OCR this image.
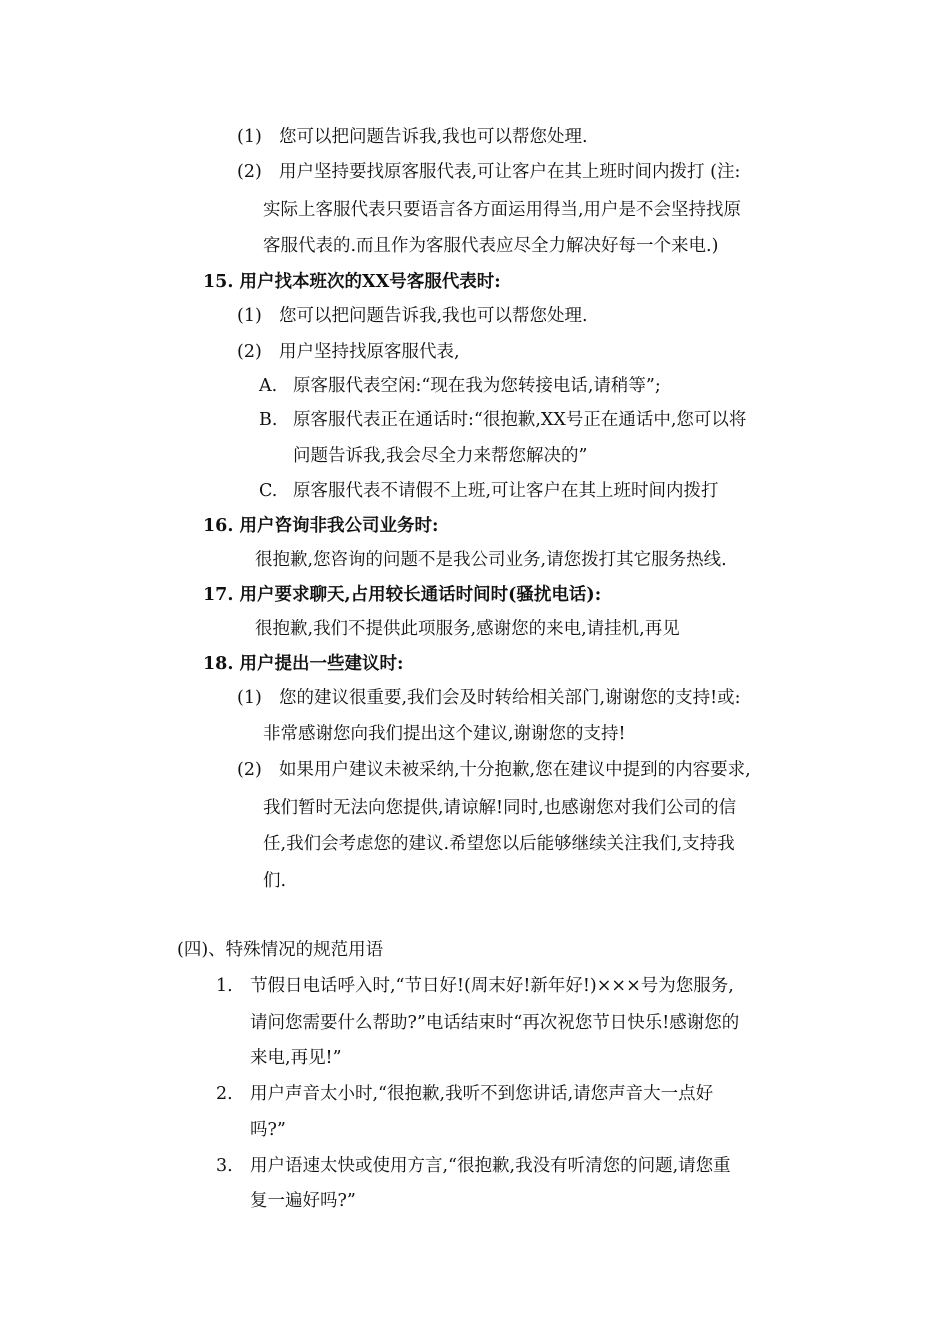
(1) 您可以把问题告诉我,我也可以帮您处理.
(2) 用户坚持要找原客服代表,可让客户在其上班时间内拨打 (注:
实际上客服代表只要语言各方面运用得当,用户是不会坚持找原
客服代表的.而且作为客服代表应尽全力解决好每一个来电.)
15. 用户找本班次的XX号客服代表时:
(1) 您可以把问题告诉我,我也可以帮您处理.
(2) 用户坚持找原客服代表,
A. 原客服代表空闲:“现在我为您转接电话,请稍等”;
B. 原客服代表正在通话时:“很抱歉,XX号正在通话中,您可以将
问题告诉我,我会尽全力来帮您解决的”
C. 原客服代表不请假不上班,可让客户在其上班时间内拨打
16. 用户咨询非我公司业务时:
很抱歉,您咨询的问题不是我公司业务,请您拨打其它服务热线.
17. 用户要求聊天,占用较长通话时间时(骚扰电话):
很抱歉,我们不提供此项服务,感谢您的来电,请挂机,再见
18. 用户提出一些建议时:
(1) 您的建议很重要,我们会及时转给相关部门,谢谢您的支持!或:
非常感谢您向我们提出这个建议,谢谢您的支持!
(2) 如果用户建议未被采纳,十分抱歉,您在建议中提到的内容要求,
我们暂时无法向您提供,请谅解!同时,也感谢您对我们公司的信
任,我们会考虑您的建议.希望您以后能够继续关注我们,支持我
们.
(四)、特殊情况的规范用语
1. 节假日电话呼入时,“节日好!(周末好!新年好!)×××号为您服务,
请问您需要什么帮助?”电话结束时“再次祝您节日快乐!感谢您的
来电,再见!”
2. 用户声音太小时,“很抱歉,我听不到您讲话,请您声音大一点好
吗?”
3. 用户语速太快或使用方言,“很抱歉,我没有听清您的问题,请您重
复一遍好吗?”
